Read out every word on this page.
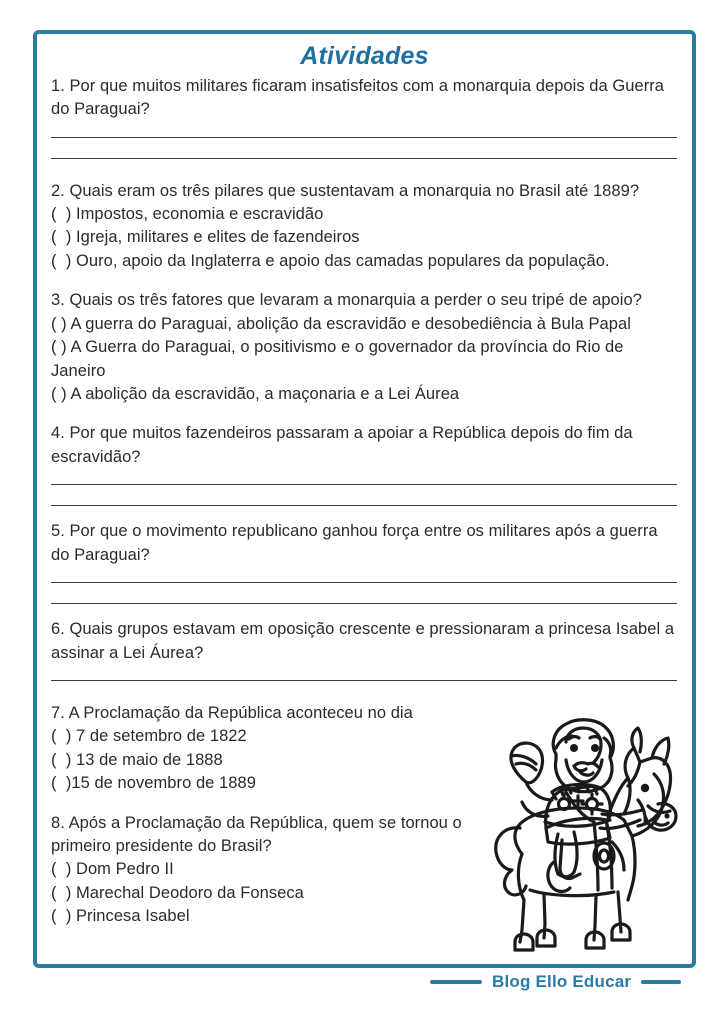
Atividades
1. Por que muitos militares ficaram insatisfeitos com a monarquia depois da Guerra do Paraguai?
2. Quais eram os três pilares que sustentavam a monarquia no Brasil até 1889?
(  ) Impostos, economia e escravidão
(  ) Igreja, militares e elites de fazendeiros
(  ) Ouro, apoio da Inglaterra e apoio das camadas populares da população.
3. Quais os três fatores que levaram a monarquia a perder o seu tripé de apoio?
( ) A guerra do Paraguai, abolição da escravidão e desobediência à Bula Papal
( ) A Guerra do Paraguai, o positivismo e o governador da província do Rio de Janeiro
( ) A abolição da escravidão, a maçonaria e a Lei Áurea
4. Por que muitos fazendeiros passaram a apoiar a República depois do fim da escravidão?
5. Por que o movimento republicano ganhou força entre os militares após a guerra do Paraguai?
6. Quais grupos estavam em oposição crescente e pressionaram a princesa Isabel a assinar a Lei Áurea?
7. A Proclamação da República aconteceu no dia
(  ) 7 de setembro de 1822
(  ) 13 de maio de 1888
(  )15 de novembro de 1889
8. Após a Proclamação da República, quem se tornou o primeiro presidente do Brasil?
(  ) Dom Pedro II
(  ) Marechal Deodoro da Fonseca
(  ) Princesa Isabel
Blog Ello Educar
